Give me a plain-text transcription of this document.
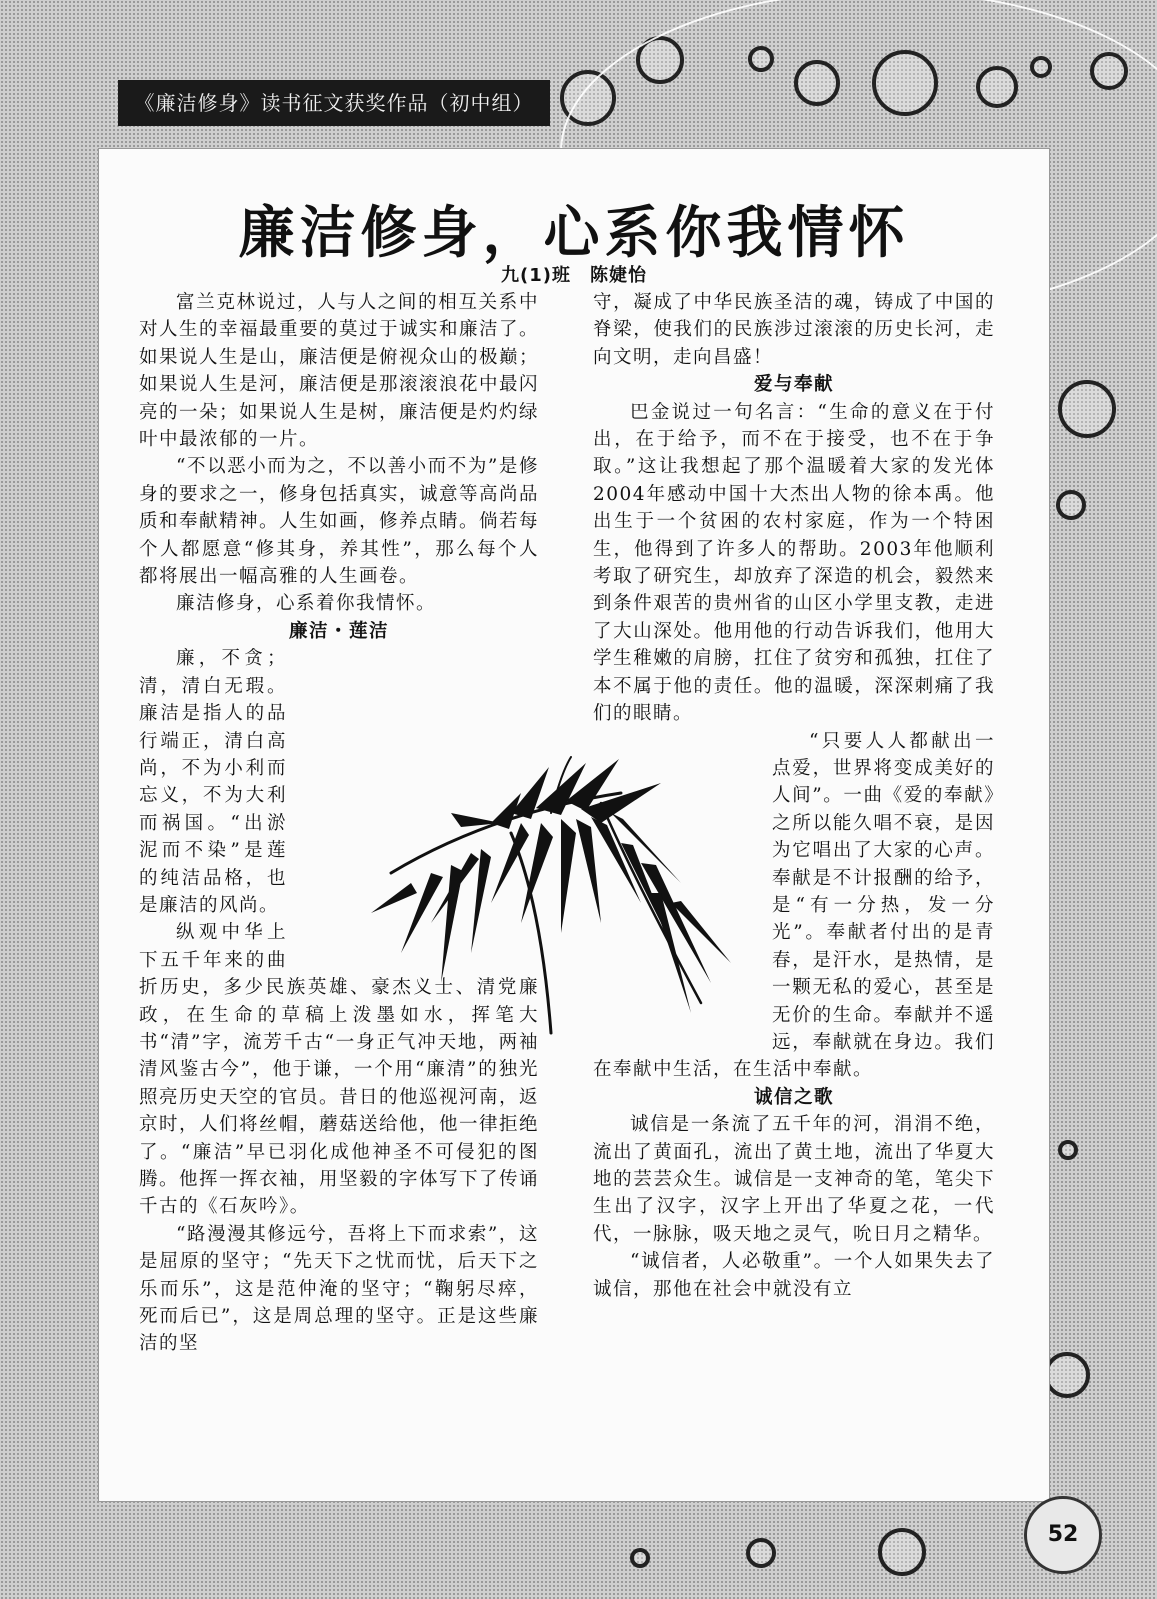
《廉洁修身》读书征文获奖作品（初中组）
廉洁修身，心系你我情怀
九(1)班　陈婕怡

富兰克林说过，人与人之间的相互关系中对人生的幸福最重要的莫过于诚实和廉洁了。如果说人生是山，廉洁便是俯视众山的极巅；如果说人生是河，廉洁便是那滚滚浪花中最闪亮的一朵；如果说人生是树，廉洁便是灼灼绿叶中最浓郁的一片。

“不以恶小而为之，不以善小而不为”是修身的要求之一，修身包括真实，诚意等高尚品质和奉献精神。人生如画，修养点睛。倘若每个人都愿意“修其身，养其性”，那么每个人都将展出一幅高雅的人生画卷。

廉洁修身，心系着你我情怀。

廉洁・莲洁

廉，不贪；清，清白无瑕。廉洁是指人的品行端正，清白高尚，不为小利而忘义，不为大利而祸国。“出淤泥而不染”是莲的纯洁品格，也是廉洁的风尚。

纵观中华上下五千年来的曲折历史，多少民族英雄、豪杰义士、清党廉政，在生命的草稿上泼墨如水，挥笔大书“清”字，流芳千古“一身正气冲天地，两袖清风鉴古今”，他于谦，一个用“廉清”的独光照亮历史天空的官员。昔日的他巡视河南，返京时，人们将丝帽，蘑菇送给他，他一律拒绝了。“廉洁”早已羽化成他神圣不可侵犯的图腾。他挥一挥衣袖，用坚毅的字体写下了传诵千古的《石灰吟》。

“路漫漫其修远兮，吾将上下而求索”，这是屈原的坚守；“先天下之忧而忧，后天下之乐而乐”，这是范仲淹的坚守；“鞠躬尽瘁，死而后已”，这是周总理的坚守。正是这些廉洁的坚

守，凝成了中华民族圣洁的魂，铸成了中国的脊梁，使我们的民族涉过滚滚的历史长河，走向文明，走向昌盛！

爱与奉献

巴金说过一句名言：“生命的意义在于付出，在于给予，而不在于接受，也不在于争取。”这让我想起了那个温暖着大家的发光体2004年感动中国十大杰出人物的徐本禹。他出生于一个贫困的农村家庭，作为一个特困生，他得到了许多人的帮助。2003年他顺利考取了研究生，却放弃了深造的机会，毅然来到条件艰苦的贵州省的山区小学里支教，走进了大山深处。他用他的行动告诉我们，他用大学生稚嫩的肩膀，扛住了贫穷和孤独，扛住了本不属于他的责任。他的温暖，深深刺痛了我们的眼睛。

“只要人人都献出一点爱，世界将变成美好的人间”。一曲《爱的奉献》之所以能久唱不衰，是因为它唱出了大家的心声。奉献是不计报酬的给予，是“有一分热，发一分光”。奉献者付出的是青春，是汗水，是热情，是一颗无私的爱心，甚至是无价的生命。奉献并不遥远，奉献就在身边。我们在奉献中生活，在生活中奉献。

诚信之歌

诚信是一条流了五千年的河，涓涓不绝，流出了黄面孔，流出了黄土地，流出了华夏大地的芸芸众生。诚信是一支神奇的笔，笔尖下生出了汉字，汉字上开出了华夏之花，一代代，一脉脉，吸天地之灵气，吮日月之精华。

“诚信者，人必敬重”。一个人如果失去了诚信，那他在社会中就没有立

52
